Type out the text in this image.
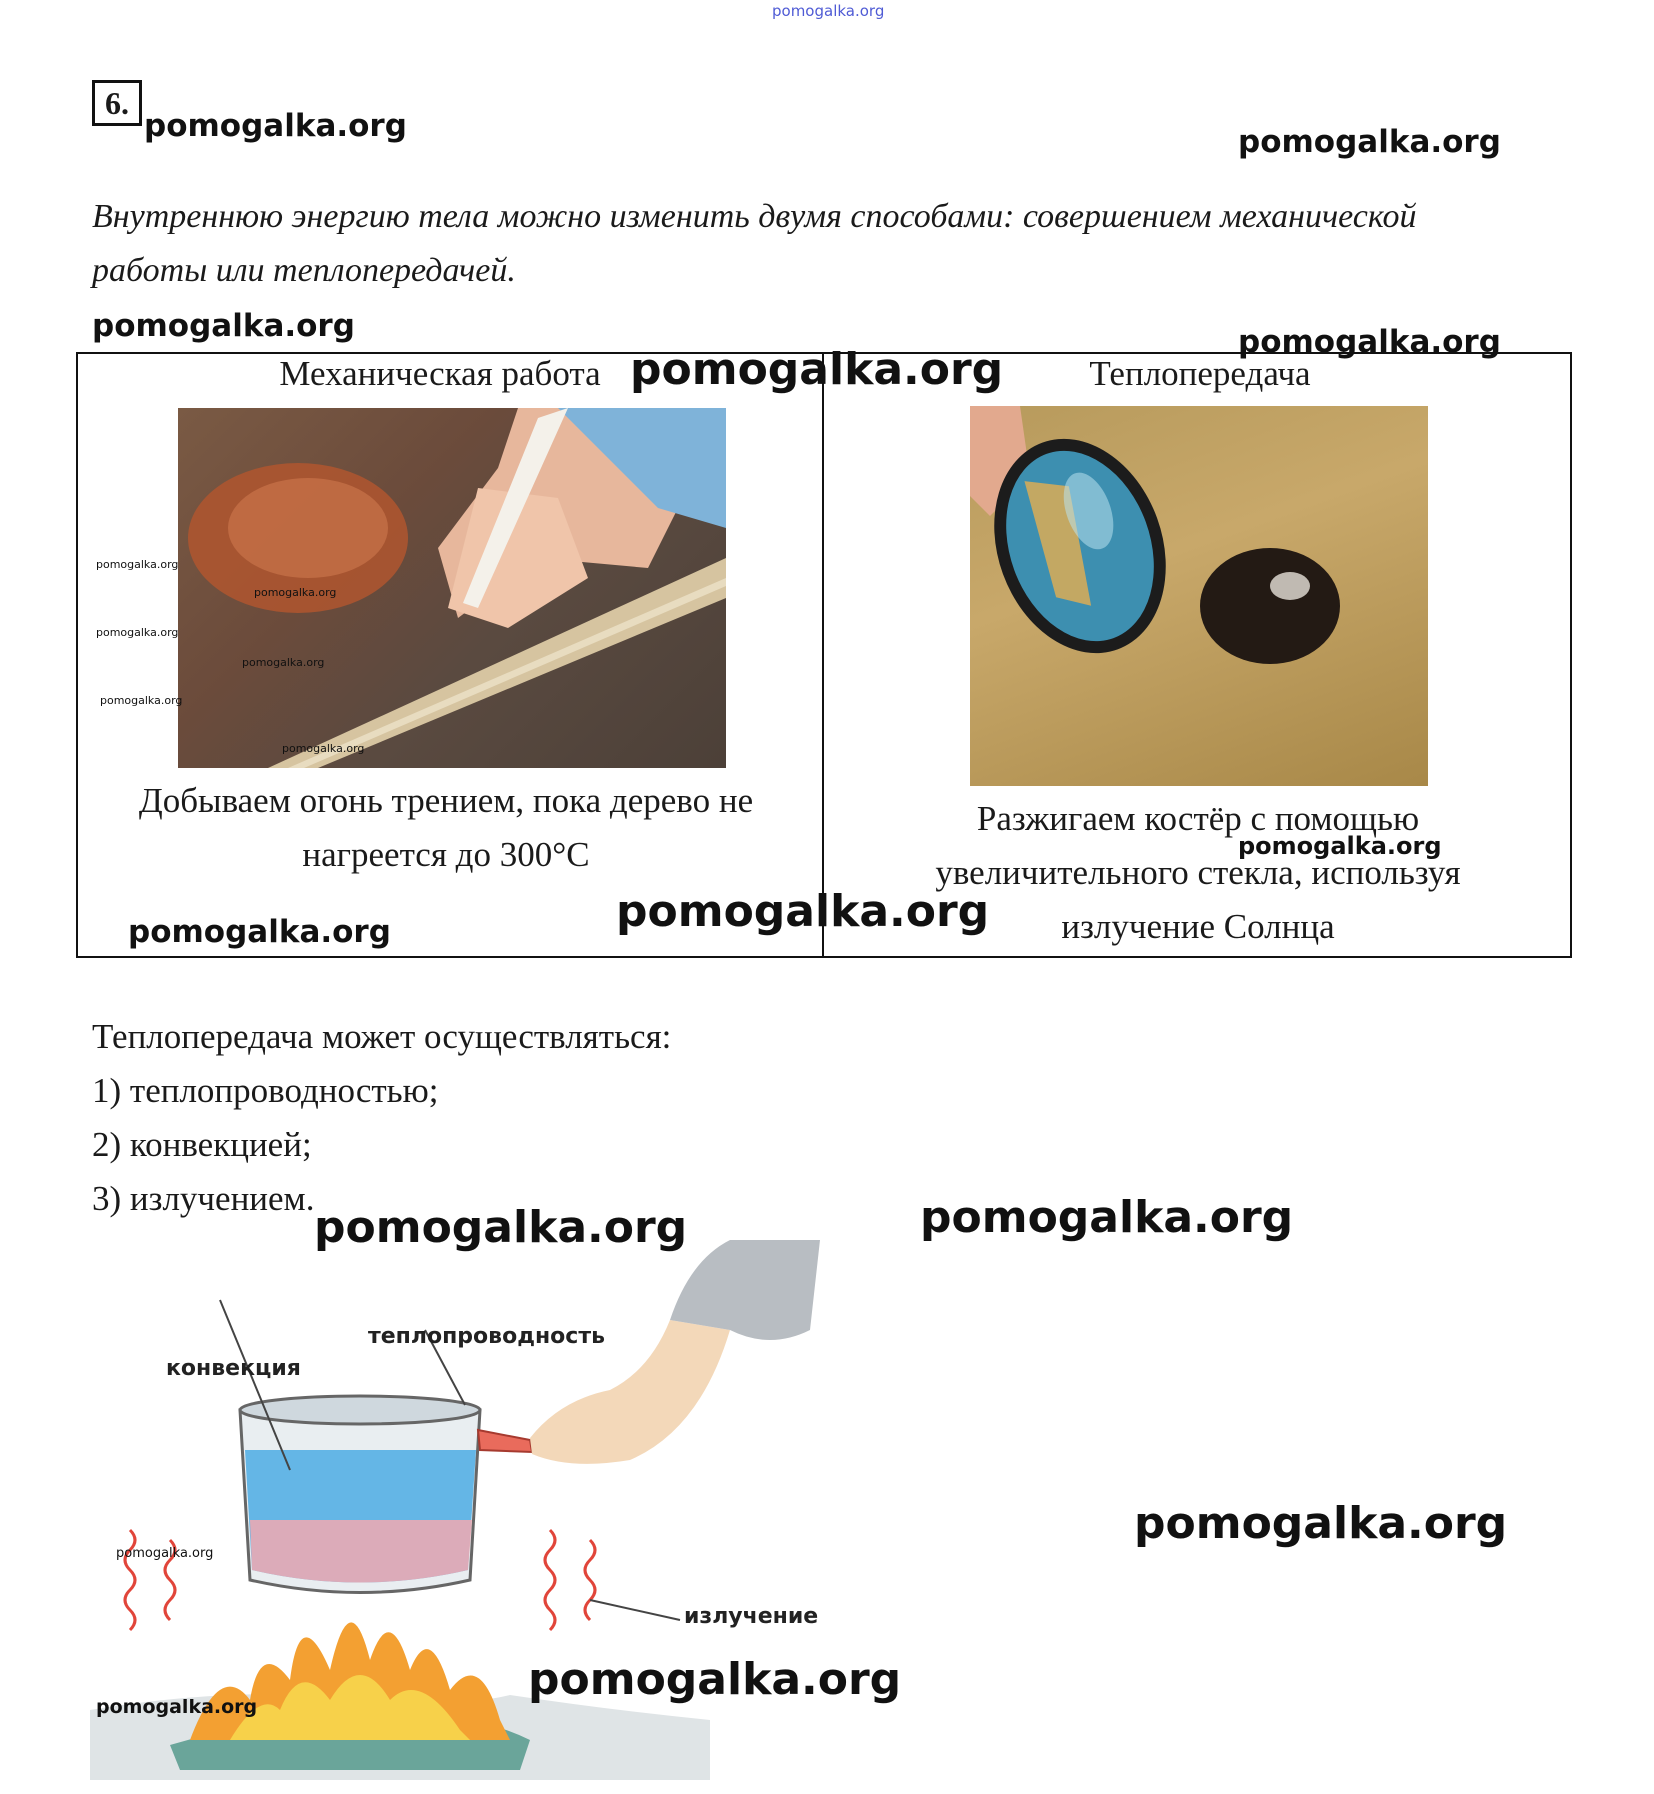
pomogalka.org
pomogalka.org	pomogalka.org
pomogalka.org	pomogalka.org
6.
Внутреннюю энергию тела можно изменить двумя способами: совершением механической работы или теплопередачей.
Механическая работа pomogalka.org
pomogalka.org
pomogalka.org
pomogalka.org
pomogalka.org
pomogalka.org
pomogalka.org
Добываем огонь трением, пока дерево не
нагреется до 300°C
pomogalka.org	pomogalka.org
Теплопередача
Разжигаем костёр с помощью
увеличительного стекла, используя
излучение Солнца
pomogalka.org
Теплопередача может осуществляться:
1) теплопроводностью;
2) конвекцией;
3) излучением.
pomogalka.org	pomogalka.org
pomogalka.org
теплопроводность
конвекция
излучение
pomogalka.org
pomogalka.org
pomogalka.org
